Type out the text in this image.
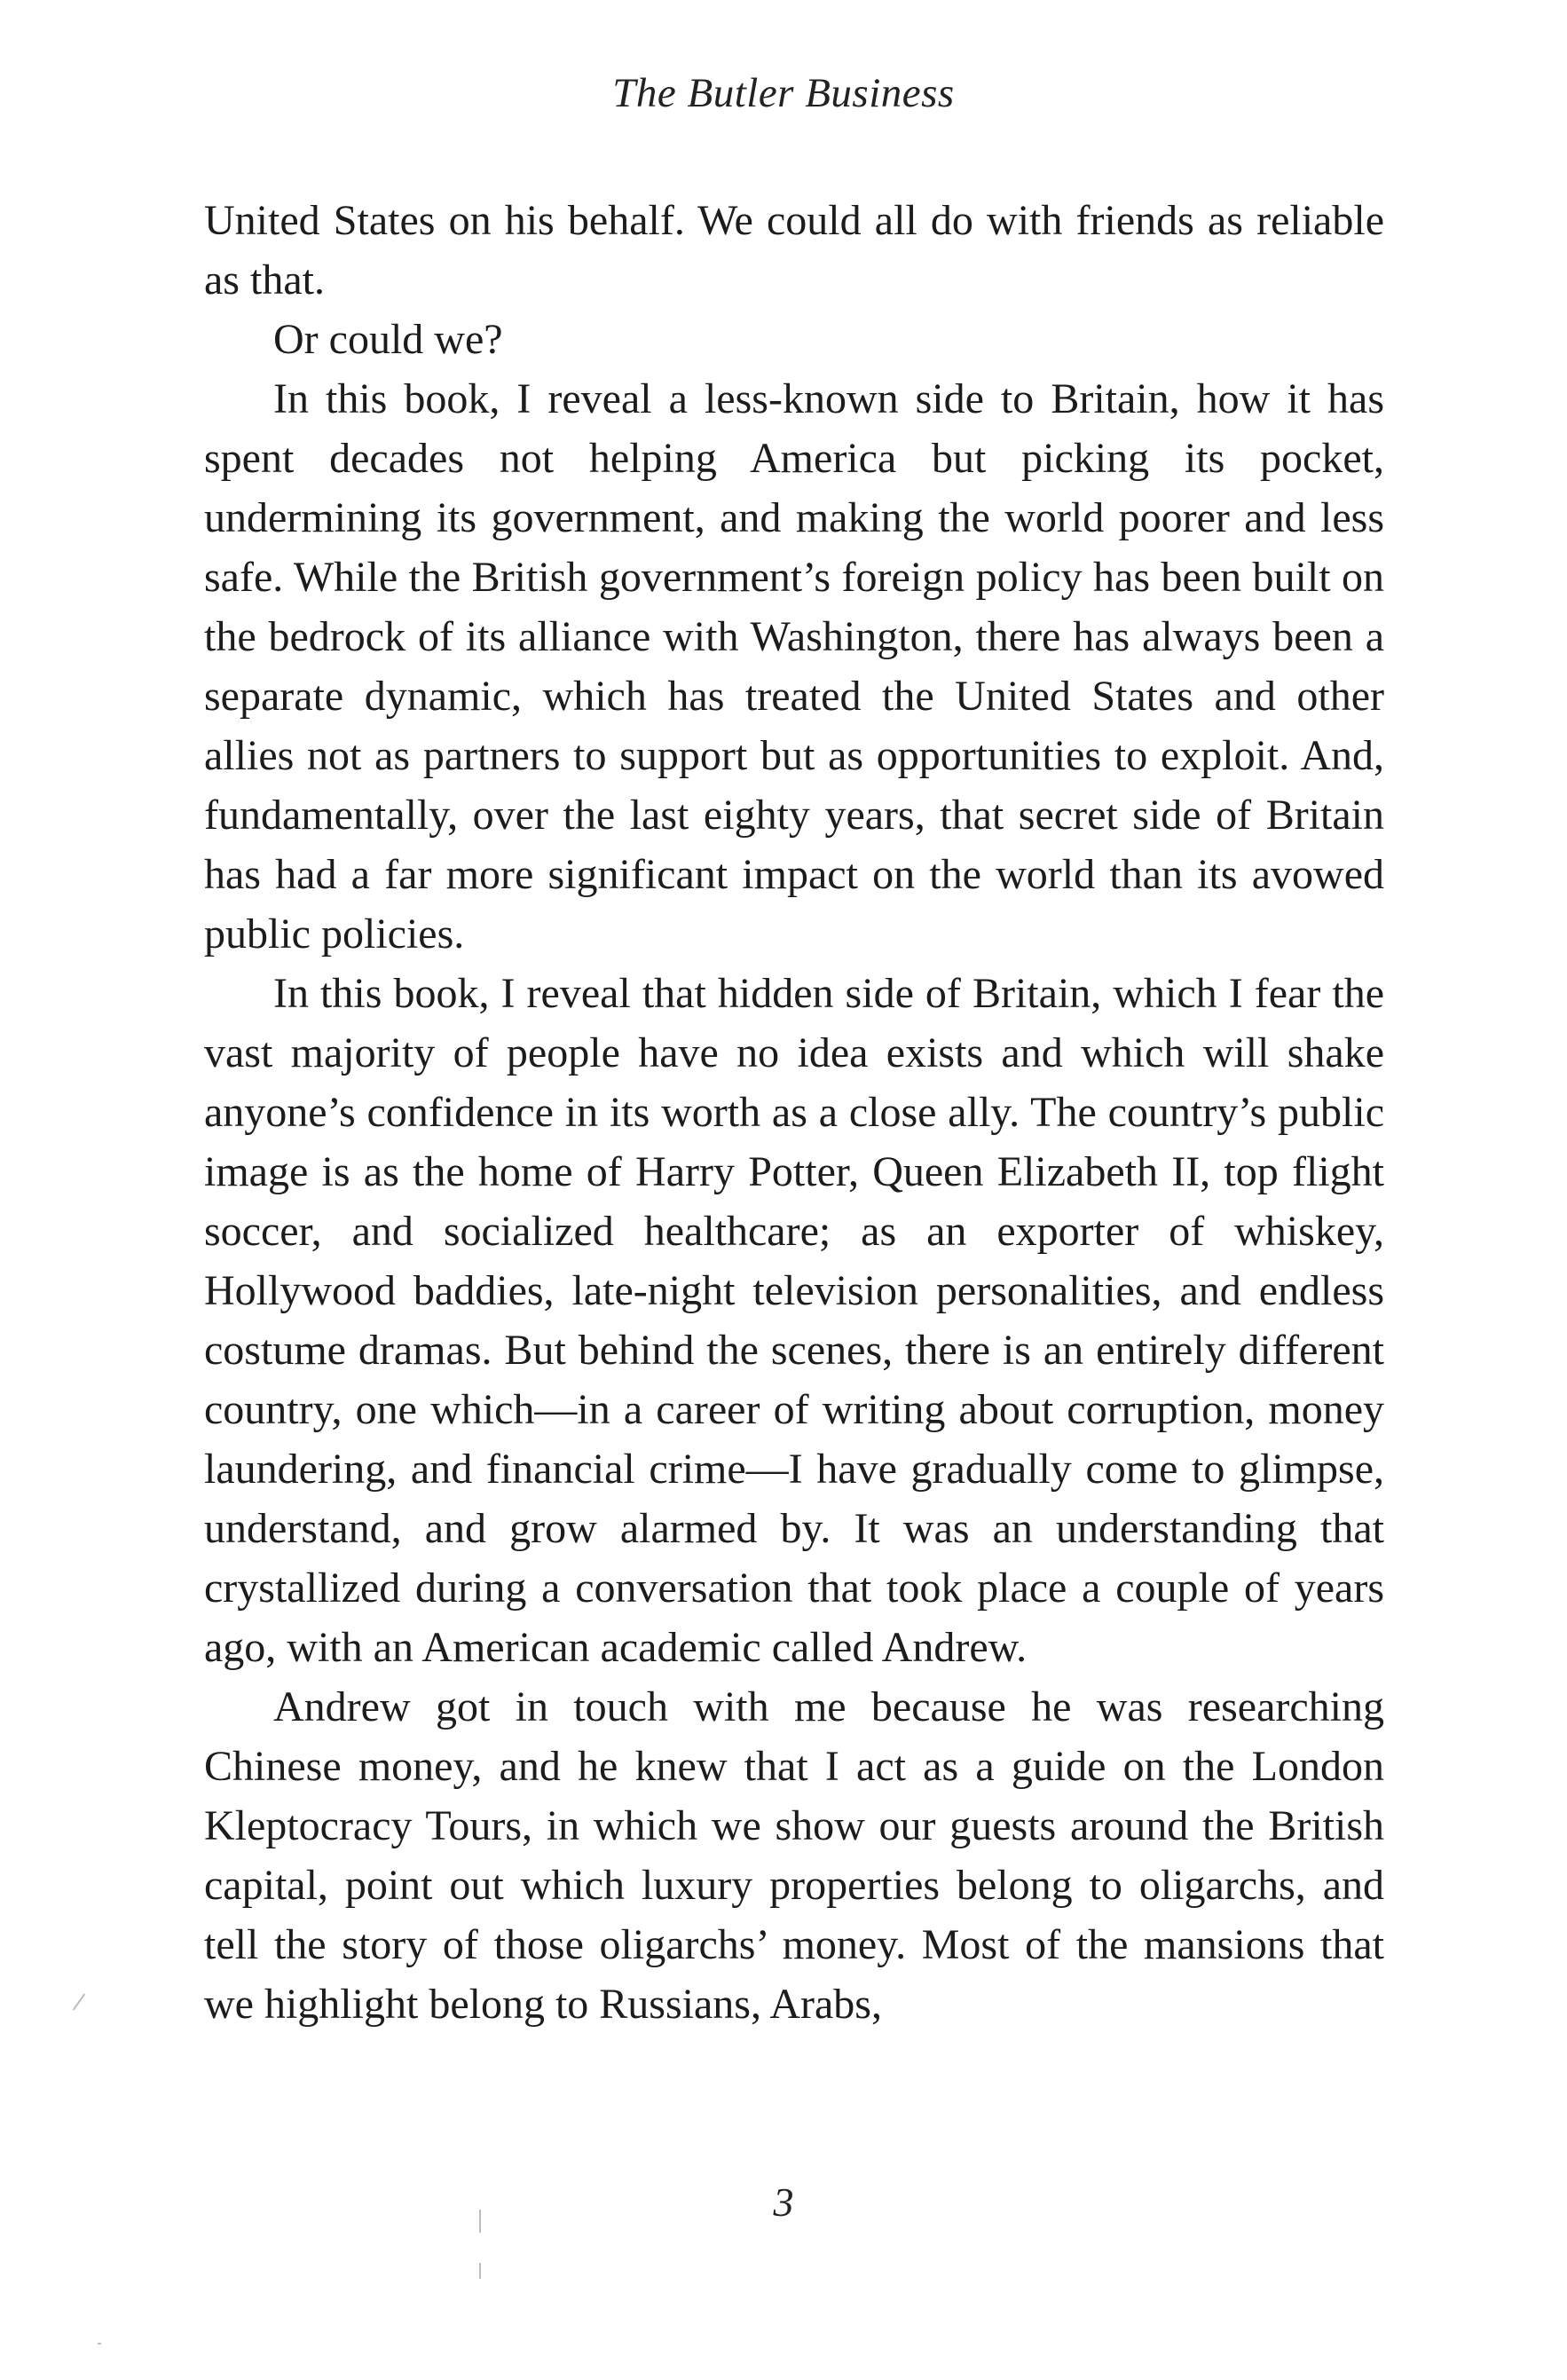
The Butler Business

United States on his behalf. We could all do with friends as reliable as that.

Or could we?

In this book, I reveal a less-known side to Britain, how it has spent decades not helping America but picking its pocket, undermining its government, and making the world poorer and less safe. While the British government’s foreign policy has been built on the bedrock of its alliance with Washington, there has always been a separate dynamic, which has treated the United States and other allies not as partners to support but as opportunities to exploit. And, fundamentally, over the last eighty years, that secret side of Britain has had a far more significant impact on the world than its avowed public policies.

In this book, I reveal that hidden side of Britain, which I fear the vast majority of people have no idea exists and which will shake anyone’s confidence in its worth as a close ally. The country’s public image is as the home of Harry Potter, Queen Elizabeth II, top flight soccer, and socialized healthcare; as an exporter of whiskey, Hollywood baddies, late-night television personalities, and endless costume dramas. But behind the scenes, there is an entirely different country, one which—in a career of writing about corruption, money laundering, and financial crime—I have gradually come to glimpse, understand, and grow alarmed by. It was an understanding that crystallized during a conversation that took place a couple of years ago, with an American academic called Andrew.

Andrew got in touch with me because he was researching Chinese money, and he knew that I act as a guide on the London Kleptocracy Tours, in which we show our guests around the British capital, point out which luxury properties belong to oligarchs, and tell the story of those oligarchs’ money. Most of the mansions that we highlight belong to Russians, Arabs,

3
